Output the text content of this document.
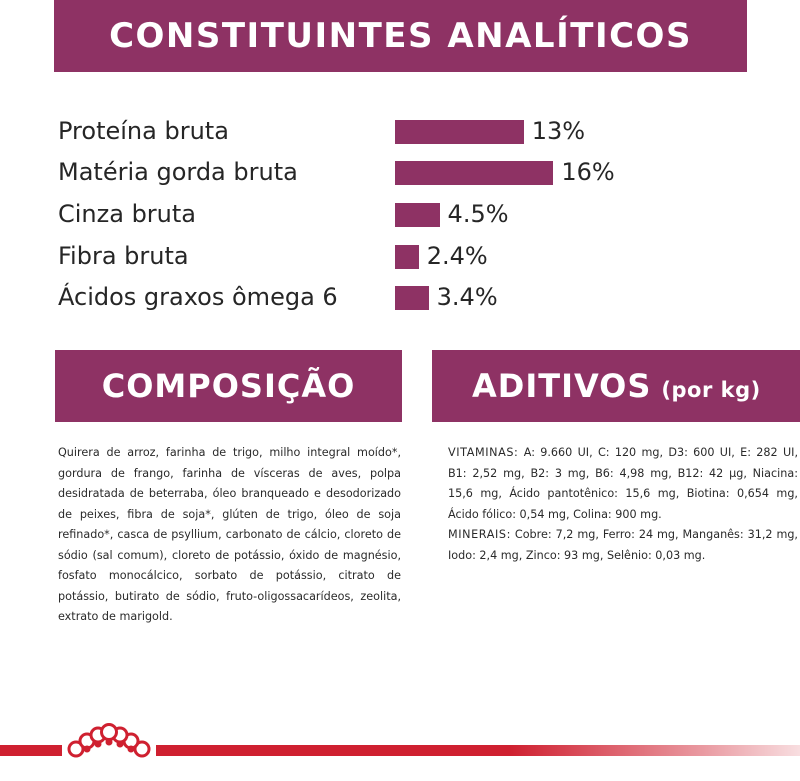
CONSTITUINTES ANALÍTICOS
Proteína bruta	13%
Matéria gorda bruta	16%
Cinza bruta	4.5%
Fibra bruta	2.4%
Ácidos graxos ômega 6	3.4%
COMPOSIÇÃO

Quirera de arroz, farinha de trigo, milho integral moído*, gordura de frango, farinha de vísceras de aves, polpa desidratada de beterraba, óleo branqueado e desodorizado de peixes, fibra de soja*, glúten de trigo, óleo de soja refinado*, casca de psyllium, carbonato de cálcio, cloreto de sódio (sal comum), cloreto de potássio, óxido de magnésio, fosfato monocálcico, sorbato de potássio, citrato de potássio, butirato de sódio, fruto-oligossacarídeos, zeolita, extrato de marigold.

ADITIVOS (por kg)

VITAMINAS: A: 9.660 UI, C: 120 mg, D3: 600 UI, E: 282 UI, B1: 2,52 mg, B2: 3 mg, B6: 4,98 mg, B12: 42 µg, Niacina: 15,6 mg, Ácido pantotênico: 15,6 mg, Biotina: 0,654 mg, Ácido fólico: 0,54 mg, Colina: 900 mg.

MINERAIS: Cobre: 7,2 mg, Ferro: 24 mg, Manganês: 31,2 mg, Iodo: 2,4 mg, Zinco: 93 mg, Selênio: 0,03 mg.
